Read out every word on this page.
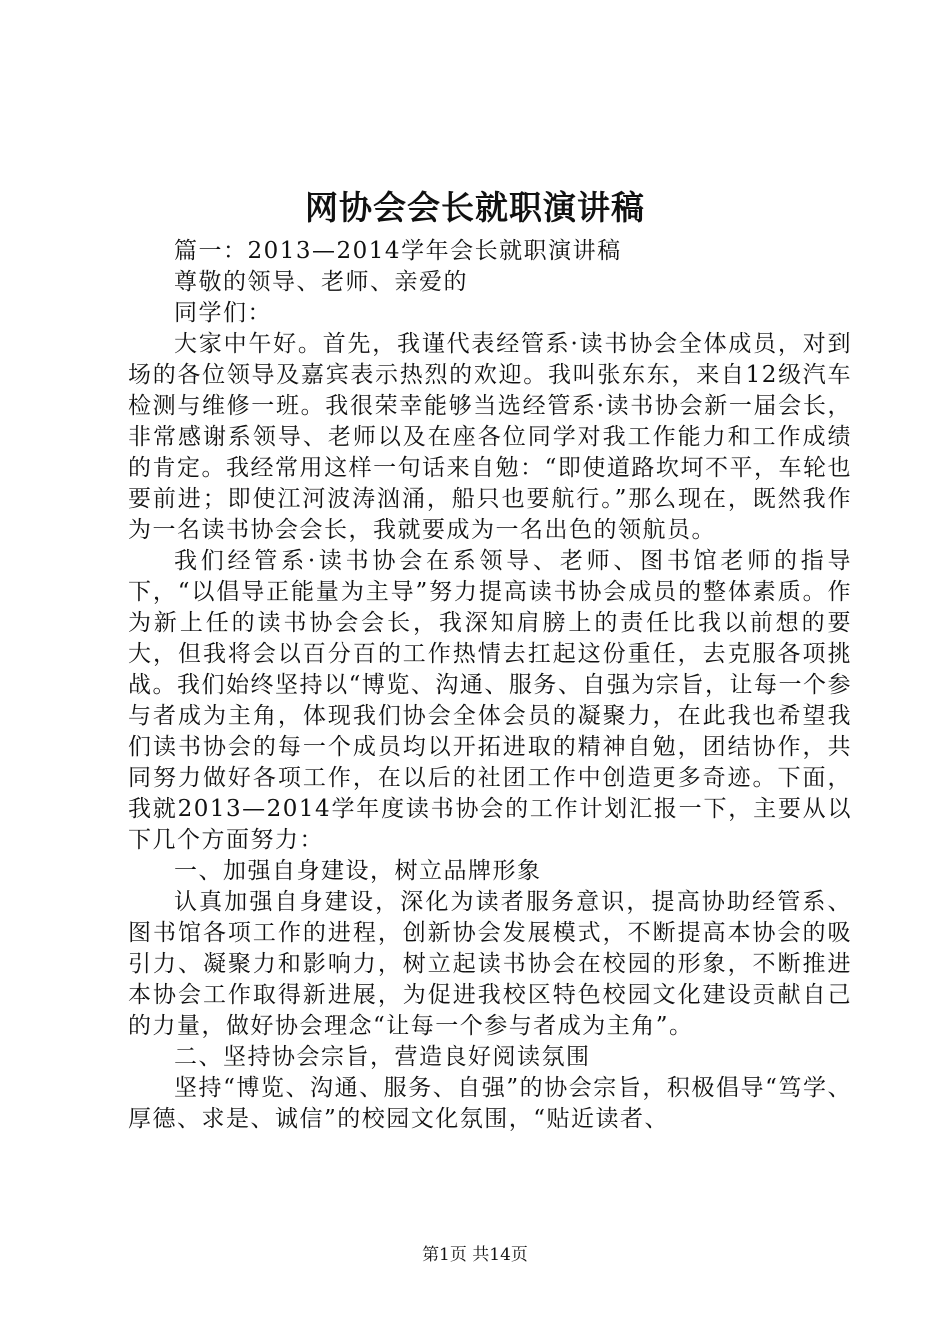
网协会会长就职演讲稿

篇一：2013—2014学年会长就职演讲稿

尊敬的领导、老师、亲爱的

同学们：

大家中午好。首先，我谨代表经管系·读书协会全体成员，对到场的各位领导及嘉宾表示热烈的欢迎。我叫张东东，来自12级汽车检测与维修一班。我很荣幸能够当选经管系·读书协会新一届会长，非常感谢系领导、老师以及在座各位同学对我工作能力和工作成绩的肯定。我经常用这样一句话来自勉：“即使道路坎坷不平，车轮也要前进；即使江河波涛汹涌，船只也要航行。”那么现在，既然我作为一名读书协会会长，我就要成为一名出色的领航员。

我们经管系·读书协会在系领导、老师、图书馆老师的指导下，“以倡导正能量为主导”努力提高读书协会成员的整体素质。作为新上任的读书协会会长，我深知肩膀上的责任比我以前想的要大，但我将会以百分百的工作热情去扛起这份重任，去克服各项挑战。我们始终坚持以“博览、沟通、服务、自强为宗旨，让每一个参与者成为主角，体现我们协会全体会员的凝聚力，在此我也希望我们读书协会的每一个成员均以开拓进取的精神自勉，团结协作，共同努力做好各项工作，在以后的社团工作中创造更多奇迹。下面，我就2013—2014学年度读书协会的工作计划汇报一下，主要从以下几个方面努力：

一、加强自身建设，树立品牌形象

认真加强自身建设，深化为读者服务意识，提高协助经管系、图书馆各项工作的进程，创新协会发展模式，不断提高本协会的吸引力、凝聚力和影响力，树立起读书协会在校园的形象，不断推进本协会工作取得新进展，为促进我校区特色校园文化建设贡献自己的力量，做好协会理念“让每一个参与者成为主角”。

二、坚持协会宗旨，营造良好阅读氛围

坚持“博览、沟通、服务、自强”的协会宗旨，积极倡导“笃学、厚德、求是、诚信”的校园文化氛围，“贴近读者、

第1页 共14页
